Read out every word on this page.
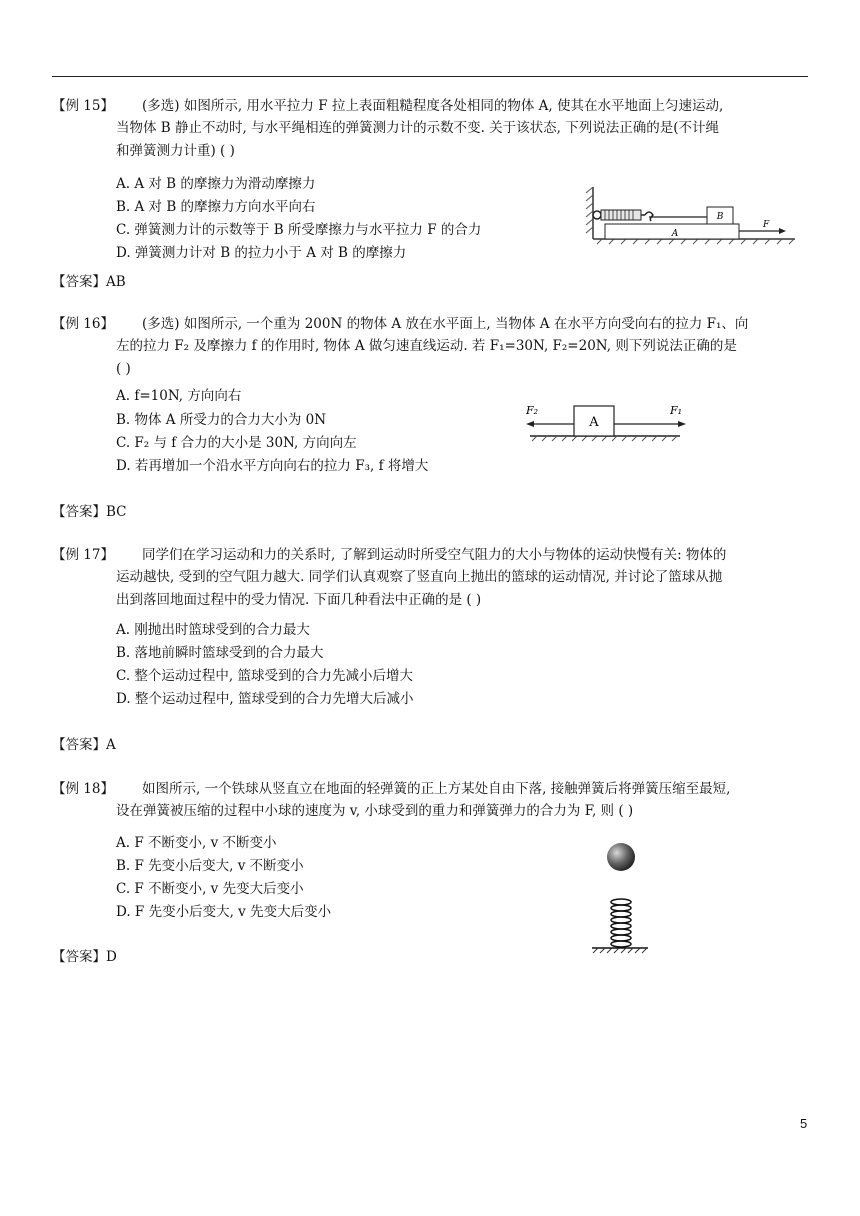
【例 15】 (多选) 如图所示, 用水平拉力 F 拉上表面粗糙程度各处相同的物体 A, 使其在水平地面上匀速运动,
当物体 B 静止不动时, 与水平绳相连的弹簧测力计的示数不变. 关于该状态, 下列说法正确的是(不计绳
和弹簧测力计重) ( )
A. A 对 B 的摩擦力为滑动摩擦力
B. A 对 B 的摩擦力方向水平向右
C. 弹簧测力计的示数等于 B 所受摩擦力与水平拉力 F 的合力
D. 弹簧测力计对 B 的拉力小于 A 对 B 的摩擦力
【答案】AB
B
A
F
【例 16】 (多选) 如图所示, 一个重为 200N 的物体 A 放在水平面上, 当物体 A 在水平方向受向右的拉力 F₁、向
左的拉力 F₂ 及摩擦力 f 的作用时, 物体 A 做匀速直线运动. 若 F₁=30N, F₂=20N, 则下列说法正确的是
( )
A. f=10N, 方向向右
B. 物体 A 所受力的合力大小为 0N
C. F₂ 与 f 合力的大小是 30N, 方向向左
D. 若再增加一个沿水平方向向右的拉力 F₃, f 将增大
【答案】BC
A
F₂	F₁
【例 17】 同学们在学习运动和力的关系时, 了解到运动时所受空气阻力的大小与物体的运动快慢有关: 物体的
运动越快, 受到的空气阻力越大. 同学们认真观察了竖直向上抛出的篮球的运动情况, 并讨论了篮球从抛
出到落回地面过程中的受力情况. 下面几种看法中正确的是 ( )
A. 刚抛出时篮球受到的合力最大
B. 落地前瞬时篮球受到的合力最大
C. 整个运动过程中, 篮球受到的合力先减小后增大
D. 整个运动过程中, 篮球受到的合力先增大后减小
【答案】A
【例 18】 如图所示, 一个铁球从竖直立在地面的轻弹簧的正上方某处自由下落, 接触弹簧后将弹簧压缩至最短,
设在弹簧被压缩的过程中小球的速度为 v, 小球受到的重力和弹簧弹力的合力为 F, 则 ( )
A. F 不断变小, v 不断变小
B. F 先变小后变大, v 不断变小
C. F 不断变小, v 先变大后变小
D. F 先变小后变大, v 先变大后变小
【答案】D
5
